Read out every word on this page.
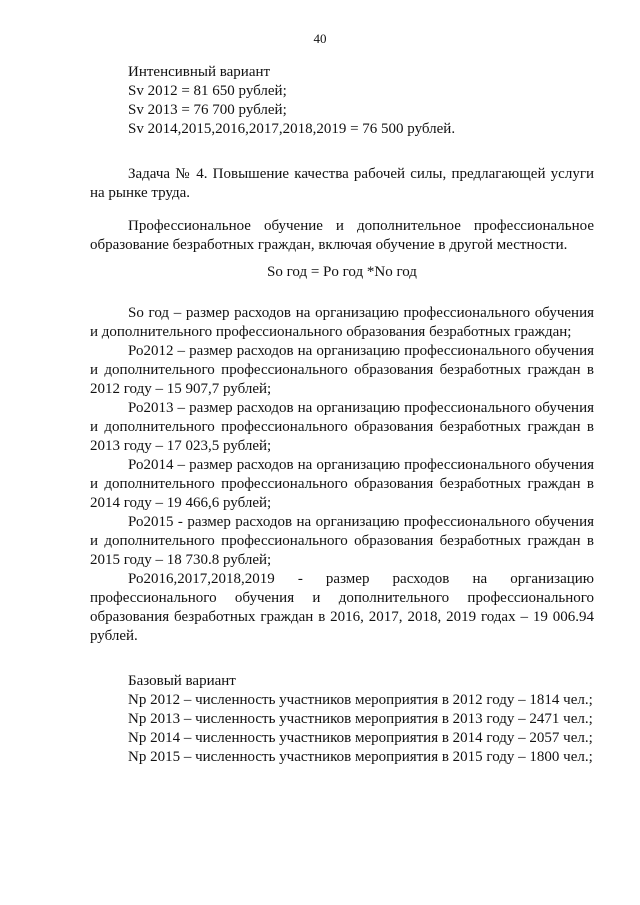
40

Интенсивный вариант

Sv 2012 = 81 650 рублей;

Sv 2013 = 76 700 рублей;

Sv 2014,2015,2016,2017,2018,2019 = 76 500 рублей.

Задача № 4. Повышение качества рабочей силы, предлагающей услуги на рынке труда.

Профессиональное обучение и дополнительное профессиональное образование безработных граждан, включая обучение в другой местности.

So год = Po год *No год

So год – размер расходов на организацию профессионального обучения и дополнительного профессионального образования безработных граждан;

Ро2012 – размер расходов на организацию профессионального обучения и дополнительного профессионального образования безработных граждан в 2012 году – 15 907,7 рублей;

Ро2013 – размер расходов на организацию профессионального обучения и дополнительного профессионального образования безработных граждан в 2013 году – 17 023,5 рублей;

Ро2014 – размер расходов на организацию профессионального обучения и дополнительного профессионального образования безработных граждан в 2014 году – 19 466,6 рублей;

Ро2015 - размер расходов на организацию профессионального обучения и дополнительного профессионального образования безработных граждан в 2015 году – 18 730.8 рублей;

Ро2016,2017,2018,2019 - размер расходов на организацию профессионального обучения и дополнительного профессионального образования безработных граждан в 2016, 2017, 2018, 2019 годах – 19 006.94 рублей.

Базовый вариант

Np 2012 – численность участников мероприятия в 2012 году – 1814 чел.;

Np 2013 – численность участников мероприятия в 2013 году – 2471 чел.;

Np 2014 – численность участников мероприятия в 2014 году – 2057 чел.;

Np 2015 – численность участников мероприятия в 2015 году – 1800 чел.;
